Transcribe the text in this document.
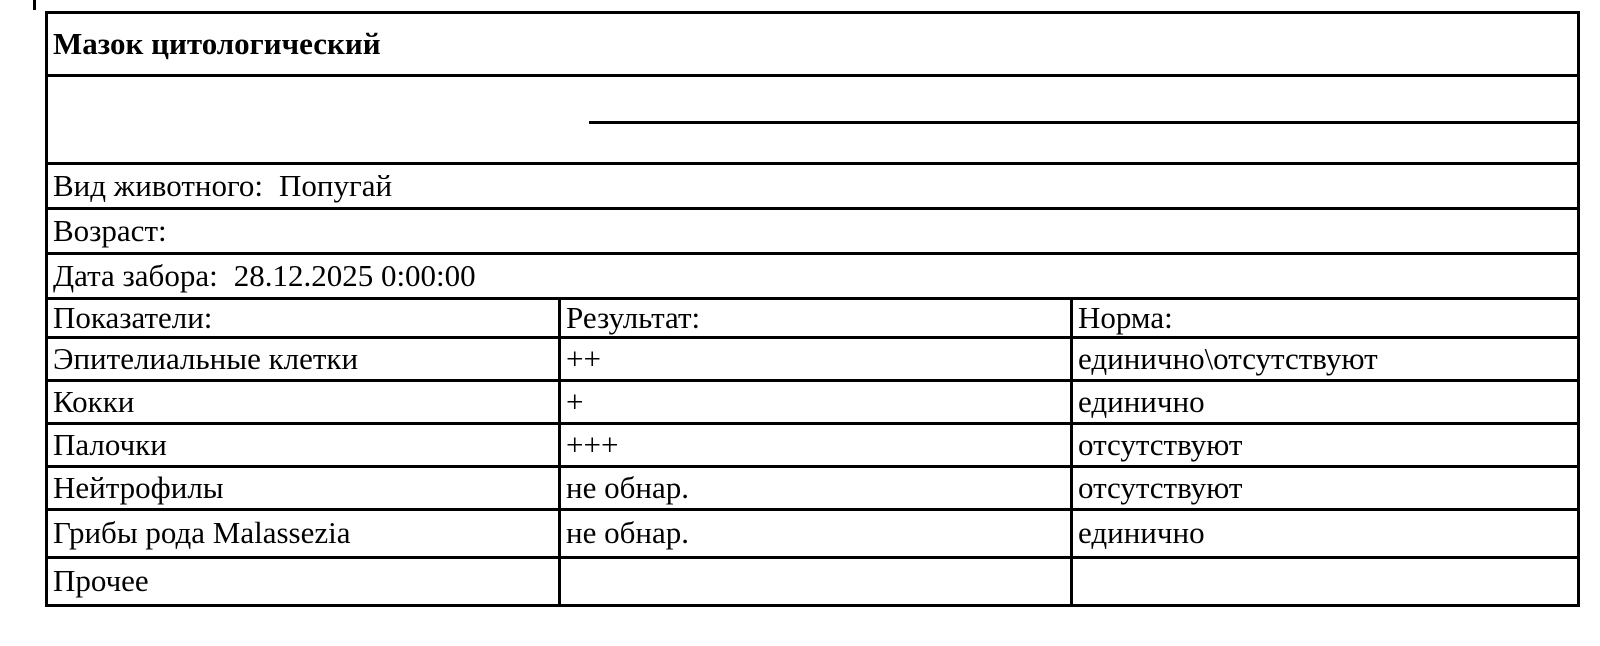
Мазок цитологический		

Вид животного: Попугай		
Возраст:		
Дата забора: 28.12.2025 0:00:00		
Показатели:	Результат:	Норма:
Эпителиальные клетки	++	единично\отсутствуют
Кокки	+	единично
Палочки	+++	отсутствуют
Нейтрофилы	не обнар.	отсутствуют
Грибы рода Malassezia	не обнар.	единично
Прочее		
